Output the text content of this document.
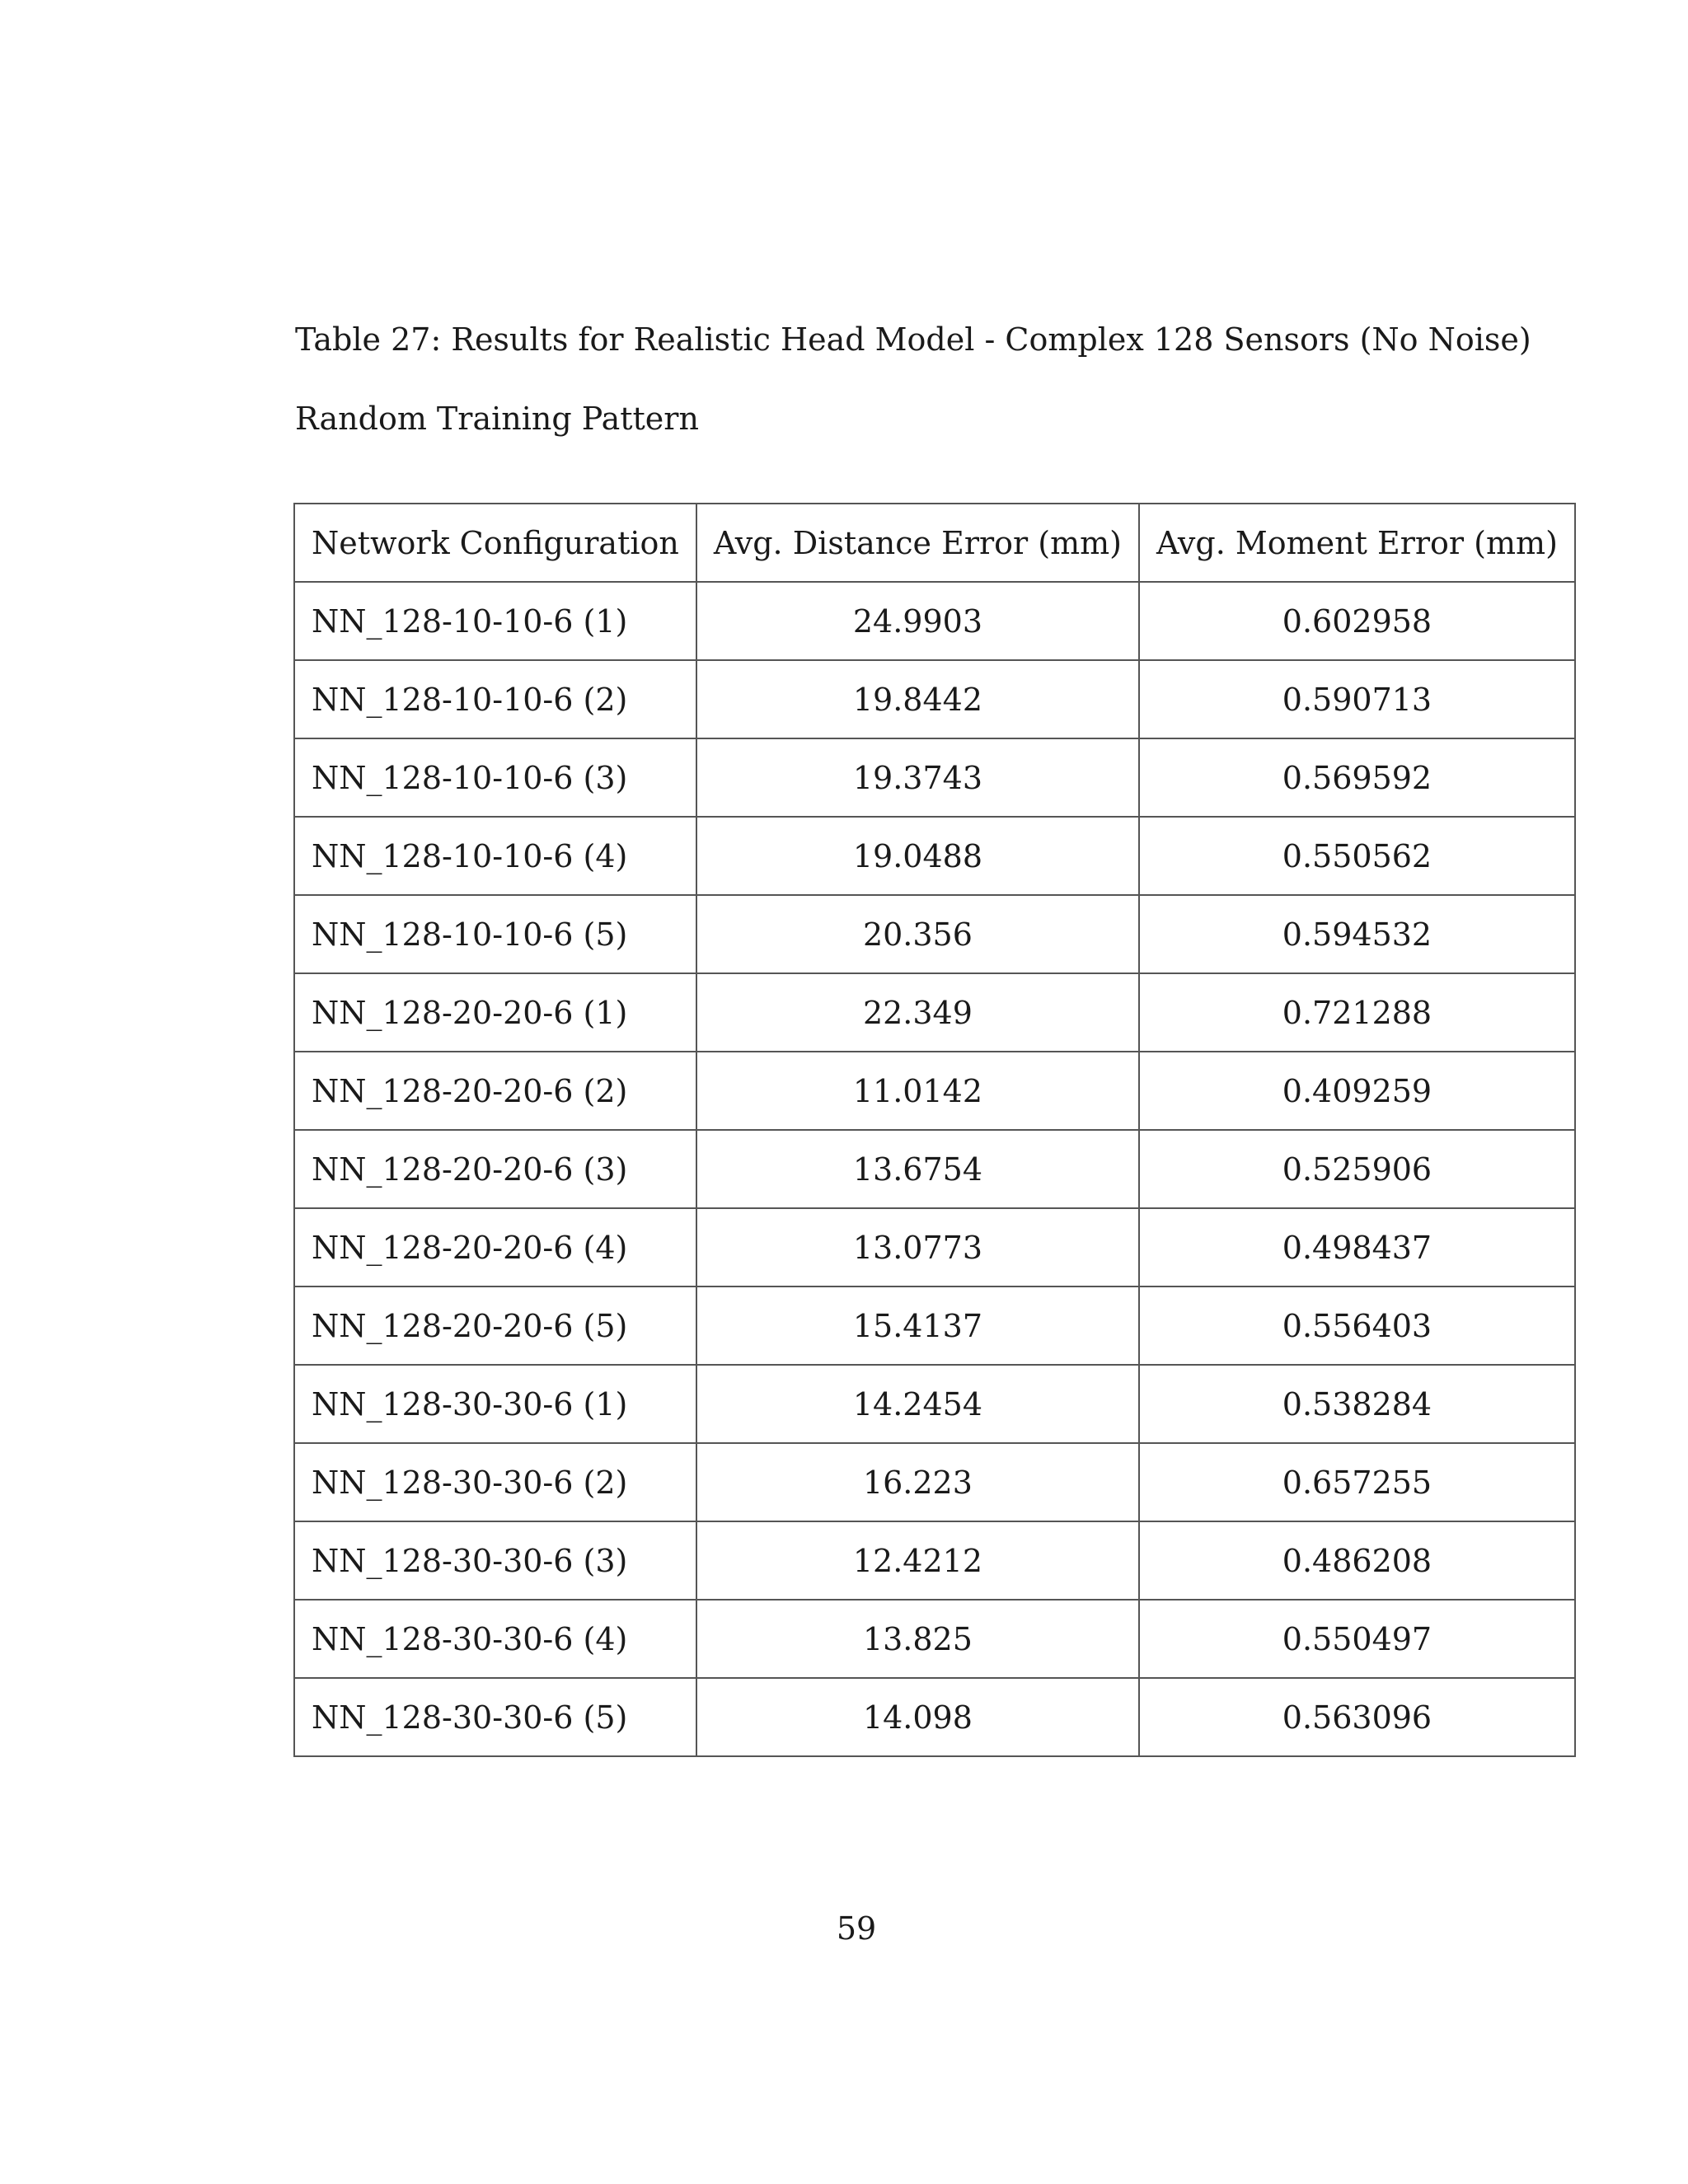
Table 27: Results for Realistic Head Model - Complex 128 Sensors (No Noise)
Random Training Pattern
Network Configuration	Avg. Distance Error (mm)	Avg. Moment Error (mm)
NN_128-10-10-6 (1)	24.9903	0.602958
NN_128-10-10-6 (2)	19.8442	0.590713
NN_128-10-10-6 (3)	19.3743	0.569592
NN_128-10-10-6 (4)	19.0488	0.550562
NN_128-10-10-6 (5)	20.356	0.594532
NN_128-20-20-6 (1)	22.349	0.721288
NN_128-20-20-6 (2)	11.0142	0.409259
NN_128-20-20-6 (3)	13.6754	0.525906
NN_128-20-20-6 (4)	13.0773	0.498437
NN_128-20-20-6 (5)	15.4137	0.556403
NN_128-30-30-6 (1)	14.2454	0.538284
NN_128-30-30-6 (2)	16.223	0.657255
NN_128-30-30-6 (3)	12.4212	0.486208
NN_128-30-30-6 (4)	13.825	0.550497
NN_128-30-30-6 (5)	14.098	0.563096
59
